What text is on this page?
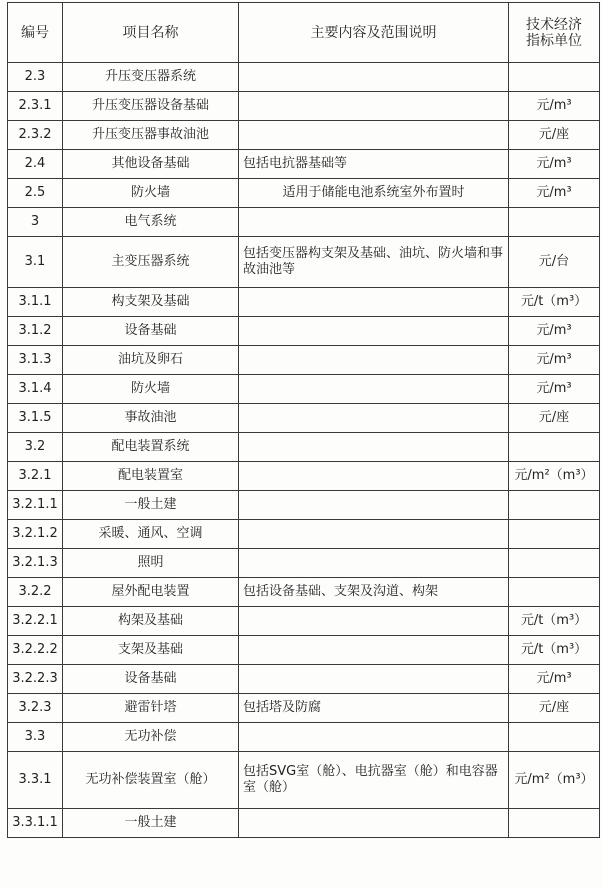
编号	项目名称	主要内容及范围说明	技术经济
指标单位

2.3	升压变压器系统		
2.3.1	升压变压器设备基础		元/m³
2.3.2	升压变压器事故油池		元/座
2.4	其他设备基础	包括电抗器基础等	元/m³
2.5	防火墙	适用于储能电池系统室外布置时	元/m³
3	电气系统		
3.1	主变压器系统	包括变压器构支架及基础、油坑、防火墙和事故油池等	元/台
3.1.1	构支架及基础		元/t（m³）
3.1.2	设备基础		元/m³
3.1.3	油坑及卵石		元/m³
3.1.4	防火墙		元/m³
3.1.5	事故油池		元/座
3.2	配电装置系统		
3.2.1	配电装置室		元/m²（m³）
3.2.1.1	一般土建		
3.2.1.2	采暖、通风、空调		
3.2.1.3	照明		
3.2.2	屋外配电装置	包括设备基础、支架及沟道、构架	
3.2.2.1	构架及基础		元/t（m³）
3.2.2.2	支架及基础		元/t（m³）
3.2.2.3	设备基础		元/m³
3.2.3	避雷针塔	包括塔及防腐	元/座
3.3	无功补偿		
3.3.1	无功补偿装置室（舱）	包括SVG室（舱）、电抗器室（舱）和电容器室（舱）	元/m²（m³）
3.3.1.1	一般土建		
